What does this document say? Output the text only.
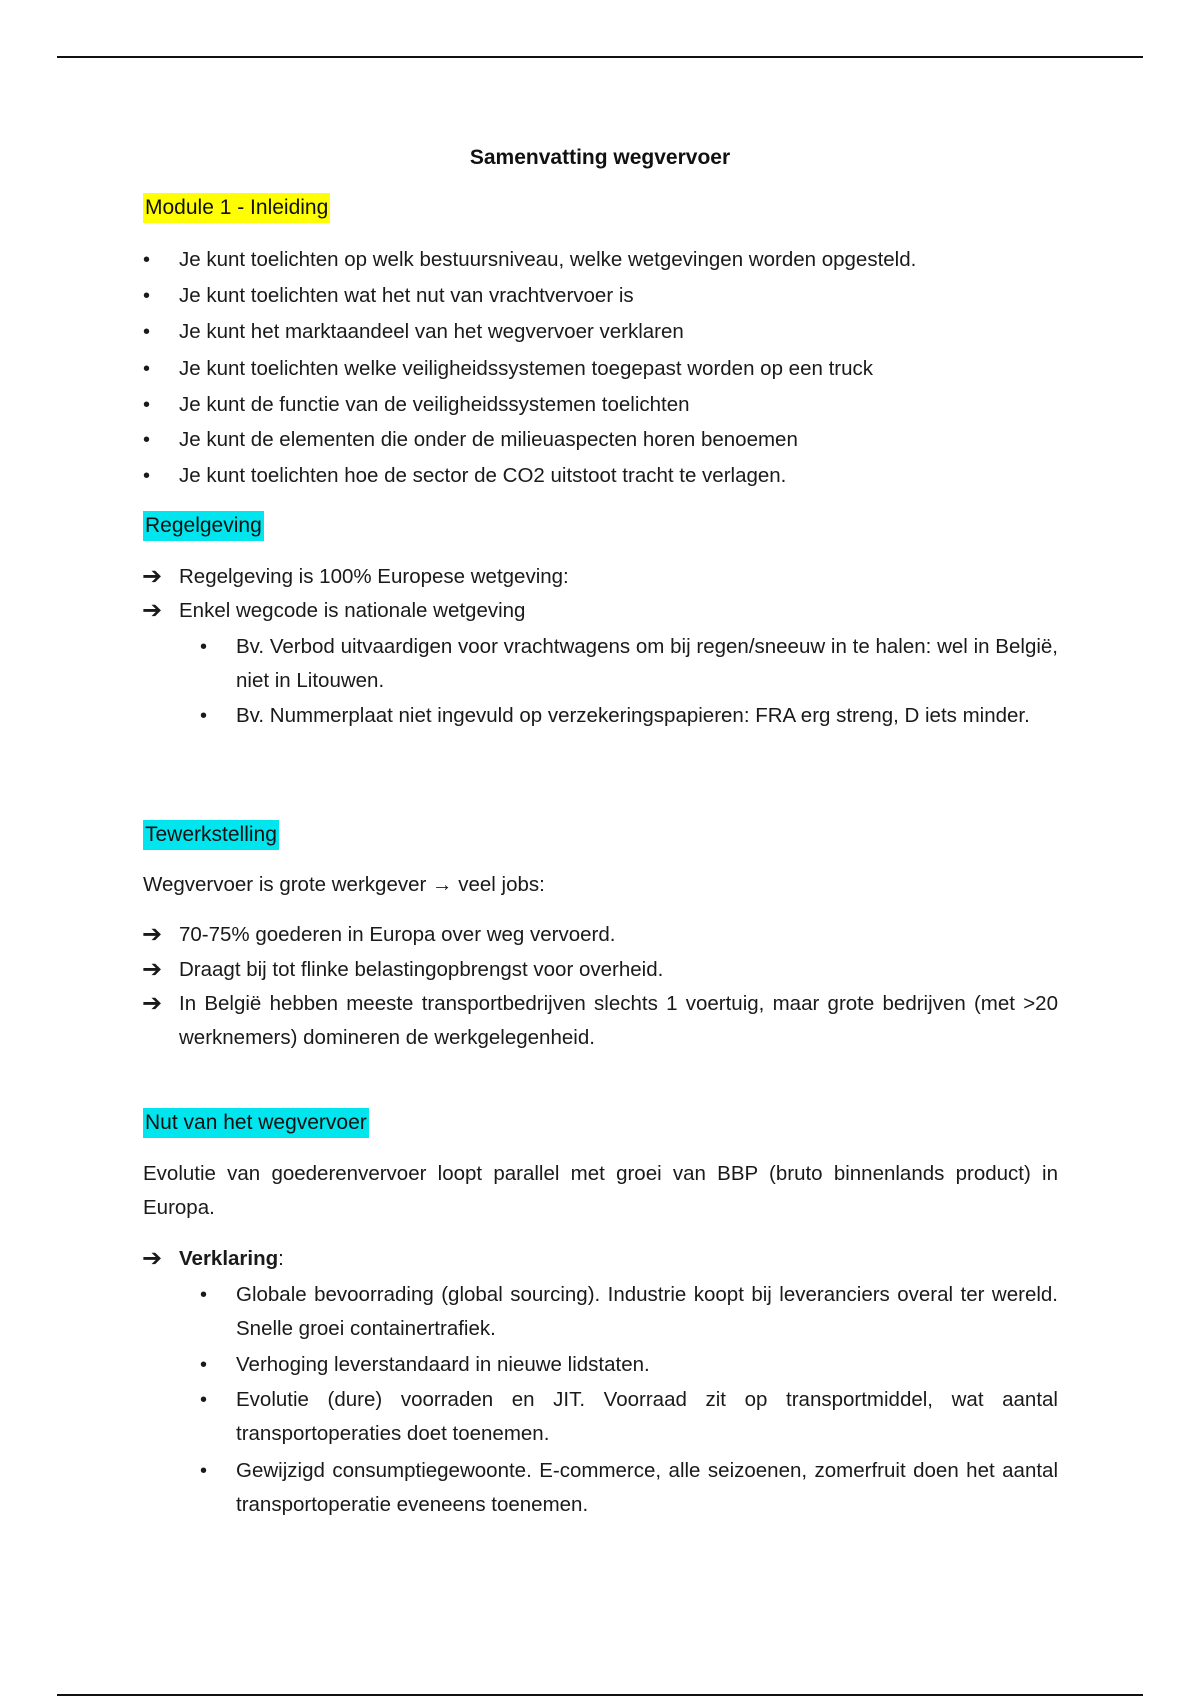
Samenvatting wegvervoer
Module 1 - Inleiding
• Je kunt toelichten op welk bestuursniveau, welke wetgevingen worden opgesteld.
• Je kunt toelichten wat het nut van vrachtvervoer is
• Je kunt het marktaandeel van het wegvervoer verklaren
• Je kunt toelichten welke veiligheidssystemen toegepast worden op een truck
• Je kunt de functie van de veiligheidssystemen toelichten
• Je kunt de elementen die onder de milieuaspecten horen benoemen
• Je kunt toelichten hoe de sector de CO2 uitstoot tracht te verlagen.
Regelgeving
➔ Regelgeving is 100% Europese wetgeving:
➔ Enkel wegcode is nationale wetgeving
• Bv. Verbod uitvaardigen voor vrachtwagens om bij regen/sneeuw in te halen: wel in België, niet in Litouwen.
• Bv. Nummerplaat niet ingevuld op verzekeringspapieren: FRA erg streng, D iets minder.
Tewerkstelling
Wegvervoer is grote werkgever → veel jobs:
➔ 70-75% goederen in Europa over weg vervoerd.
➔ Draagt bij tot flinke belastingopbrengst voor overheid.
➔ In België hebben meeste transportbedrijven slechts 1 voertuig, maar grote bedrijven (met >20 werknemers) domineren de werkgelegenheid.
Nut van het wegvervoer
Evolutie van goederenvervoer loopt parallel met groei van BBP (bruto binnenlands product) in Europa.
➔ Verklaring:
• Globale bevoorrading (global sourcing). Industrie koopt bij leveranciers overal ter wereld. Snelle groei containertrafiek.
• Verhoging leverstandaard in nieuwe lidstaten.
• Evolutie (dure) voorraden en JIT. Voorraad zit op transportmiddel, wat aantal transportoperaties doet toenemen.
• Gewijzigd consumptiegewoonte. E-commerce, alle seizoenen, zomerfruit doen het aantal transportoperatie eveneens toenemen.
